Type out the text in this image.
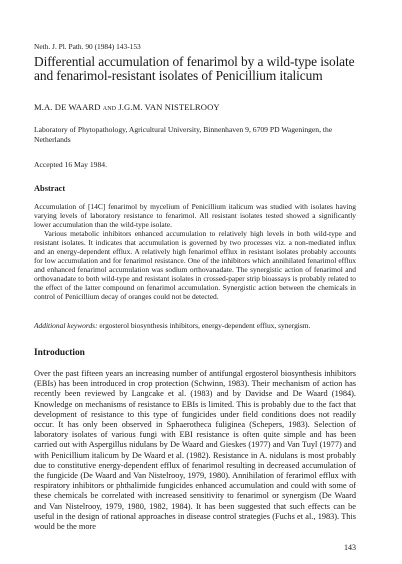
Neth. J. Pl. Path. 90 (1984) 143-153
Differential accumulation of fenarimol by a wild-type isolate and fenarimol-resistant isolates of Penicillium italicum
M.A. DE WAARD and J.G.M. VAN NISTELROOY
Laboratory of Phytopathology, Agricultural University, Binnenhaven 9, 6709 PD Wageningen, the Netherlands
Accepted 16 May 1984.
Abstract

Accumulation of [14C] fenarimol by mycelium of Penicillium italicum was studied with isolates having varying levels of laboratory resistance to fenarimol. All resistant isolates tested showed a significantly lower accumulation than the wild-type isolate.

Various metabolic inhibitors enhanced accumulation to relatively high levels in both wild-type and resistant isolates. It indicates that accumulation is governed by two processes viz. a non-mediated influx and an energy-dependent efflux. A relatively high fenarimol efflux in resistant isolates probably accounts for low accumulation and for fenarimol resistance. One of the inhibitors which annihilated fenarimol efflux and enhanced fenarimol accumulation was sodium orthovanadate. The synergistic action of fenarimol and orthovanadate to both wild-type and resistant isolates in crossed-paper strip bioassays is probably related to the effect of the latter compound on fenarimol accumulation. Synergistic action between the chemicals in control of Penicillium decay of oranges could not be detected.

Additional keywords: ergosterol biosynthesis inhibitors, energy-dependent efflux, synergism.
Introduction

Over the past fifteen years an increasing number of antifungal ergosterol biosynthesis inhibitors (EBIs) has been introduced in crop protection (Schwinn, 1983). Their mechanism of action has recently been reviewed by Langcake et al. (1983) and by Davidse and De Waard (1984). Knowledge on mechanisms of resistance to EBIs is limited. This is probably due to the fact that development of resistance to this type of fungicides under field conditions does not readily occur. It has only been observed in Sphaerotheca fuliginea (Schepers, 1983). Selection of laboratory isolates of various fungi with EBI resistance is often quite simple and has been carried out with Aspergillus nidulans by De Waard and Gieskes (1977) and Van Tuyl (1977) and with Penicillium italicum by De Waard et al. (1982). Resistance in A. nidulans is most probably due to constitutive energy-dependent efflux of fenarimol resulting in decreased accumulation of the fungicide (De Waard and Van Nistelrooy, 1979, 1980). Annihilation of ferarimol efflux with respiratory inhibitors or phthalimide fungicides enhanced accumulation and could with some of these chemicals be correlated with increased sensitivity to fenarimol or synergism (De Waard and Van Nistelrooy, 1979, 1980, 1982, 1984). It has been suggested that such effects can be useful in the design of rational approaches in disease control strategies (Fuchs et al., 1983). This would be the more

143
